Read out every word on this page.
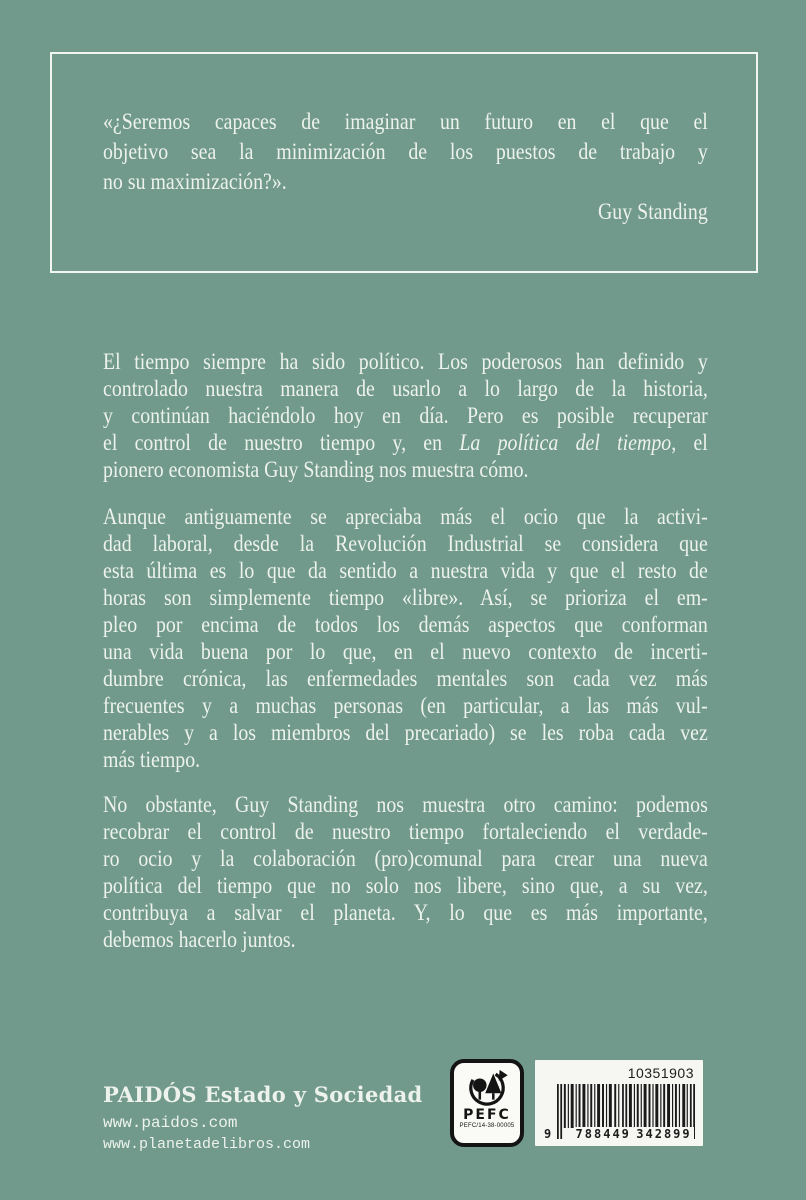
«¿Seremos capaces de imaginar un futuro en el que el
objetivo sea la minimización de los puestos de trabajo y
no su maximización?».
Guy Standing
El tiempo siempre ha sido político. Los poderosos han definido y
controlado nuestra manera de usarlo a lo largo de la historia,
y continúan haciéndolo hoy en día. Pero es posible recuperar
el control de nuestro tiempo y, en La política del tiempo, el
pionero economista Guy Standing nos muestra cómo.
Aunque antiguamente se apreciaba más el ocio que la activi-
dad laboral, desde la Revolución Industrial se considera que
esta última es lo que da sentido a nuestra vida y que el resto de
horas son simplemente tiempo «libre». Así, se prioriza el em-
pleo por encima de todos los demás aspectos que conforman
una vida buena por lo que, en el nuevo contexto de incerti-
dumbre crónica, las enfermedades mentales son cada vez más
frecuentes y a muchas personas (en particular, a las más vul-
nerables y a los miembros del precariado) se les roba cada vez
más tiempo.
No obstante, Guy Standing nos muestra otro camino: podemos
recobrar el control de nuestro tiempo fortaleciendo el verdade-
ro ocio y la colaboración (pro)comunal para crear una nueva
política del tiempo que no solo nos libere, sino que, a su vez,
contribuya a salvar el planeta. Y, lo que es más importante,
debemos hacerlo juntos.
PAIDÓS Estado y Sociedad
www.paidos.com
www.planetadelibros.com
PEFC
PEFC/14-38-00005
10351903
9 788449 342899
